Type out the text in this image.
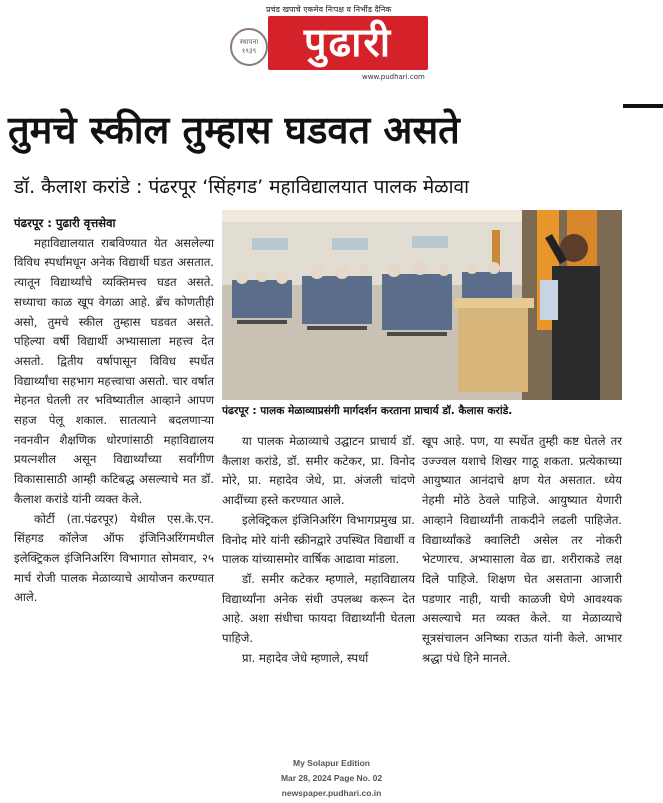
प्रचंड खपाचे एकमेव निःपक्ष व निर्भीड दैनिक
स्थापना
१९३९	पुढारी
www.pudhari.com
तुमचे स्कील तुम्हास घडवत असते
डॉ. कैलाश करांडे : पंढरपूर ‘सिंहगड’ महाविद्यालयात पालक मेळावा
पंढरपूर : पुढारी वृत्तसेवा

महाविद्यालयात राबविण्यात येत असलेल्या विविध स्पर्धांमधून अनेक विद्यार्थी घडत असतात. त्यातून विद्यार्थ्यांचे व्यक्तिमत्त्व घडत असते. सध्याचा काळ खूप वेगळा आहे. ब्रँच कोणतीही असो, तुमचे स्कील तुम्हास घडवत असते. पहिल्या वर्षी विद्यार्थी अभ्यासाला महत्त्व देत असतो. द्वितीय वर्षापासून विविध स्पर्धेत विद्यार्थ्यांचा सहभाग महत्त्वाचा असतो. चार वर्षात मेहनत घेतली तर भविष्यातील आव्हाने आपण सहज पेलू शकाल. सातत्याने बदलणाऱ्या नवनवीन शैक्षणिक धोरणांसाठी महाविद्यालय प्रयत्नशील असून विद्यार्थ्यांच्या सर्वांगीण विकासासाठी आम्ही कटिबद्ध असल्याचे मत डॉ. कैलाश करांडे यांनी व्यक्त केले.

कोर्टी (ता.पंढरपूर) येथील एस.के.एन. सिंहगड कॉलेज ऑफ इंजिनिअरिंगमधील इलेक्ट्रिकल इंजिनिअरिंग विभागात सोमवार, २५ मार्च रोजी पालक मेळाव्याचे आयोजन करण्यात आले.

पंढरपूर : पालक मेळाव्याप्रसंगी मार्गदर्शन करताना प्राचार्य डॉ. कैलास करांडे.

या पालक मेळाव्याचे उद्घाटन प्राचार्य डॉ. कैलाश करांडे, डॉ. समीर कटेकर, प्रा. विनोद मोरे, प्रा. महादेव जेधे, प्रा. अंजली चांदणे आदींच्या हस्ते करण्यात आले.

इलेक्ट्रिकल इंजिनिअरिंग विभागप्रमुख प्रा. विनोद मोरे यांनी स्क्रीनद्वारे उपस्थित विद्यार्थी व पालक यांच्यासमोर वार्षिक आढावा मांडला.

डॉ. समीर कटेकर म्हणाले, महाविद्यालय विद्यार्थ्यांना अनेक संधी उपलब्ध करून देत आहे. अशा संधीचा फायदा विद्यार्थ्यांनी घेतला पाहिजे.

प्रा. महादेव जेधे म्हणाले, स्पर्धा

खूप आहे. पण, या स्पर्धेत तुम्ही कष्ट घेतले तर उज्ज्वल यशाचे शिखर गाठू शकता. प्रत्येकाच्या आयुष्यात आनंदाचे क्षण येत असतात. ध्येय नेहमी मोठे ठेवले पाहिजे. आयुष्यात येणारी आव्हाने विद्यार्थ्यांनी ताकदीने लढली पाहिजेत. विद्यार्थ्यांकडे क्वालिटी असेल तर नोकरी भेटणारच. अभ्यासाला वेळ द्या. शरीराकडे लक्ष दिले पाहिजे. शिक्षण घेत असताना आजारी पडणार नाही, याची काळजी घेणे आवश्यक असल्याचे मत व्यक्त केले. या मेळाव्याचे सूत्रसंचालन अनिष्का राऊत यांनी केले. आभार श्रद्धा पंधे हिने मानले.

My Solapur Edition
Mar 28, 2024 Page No. 02
newspaper.pudhari.co.in
